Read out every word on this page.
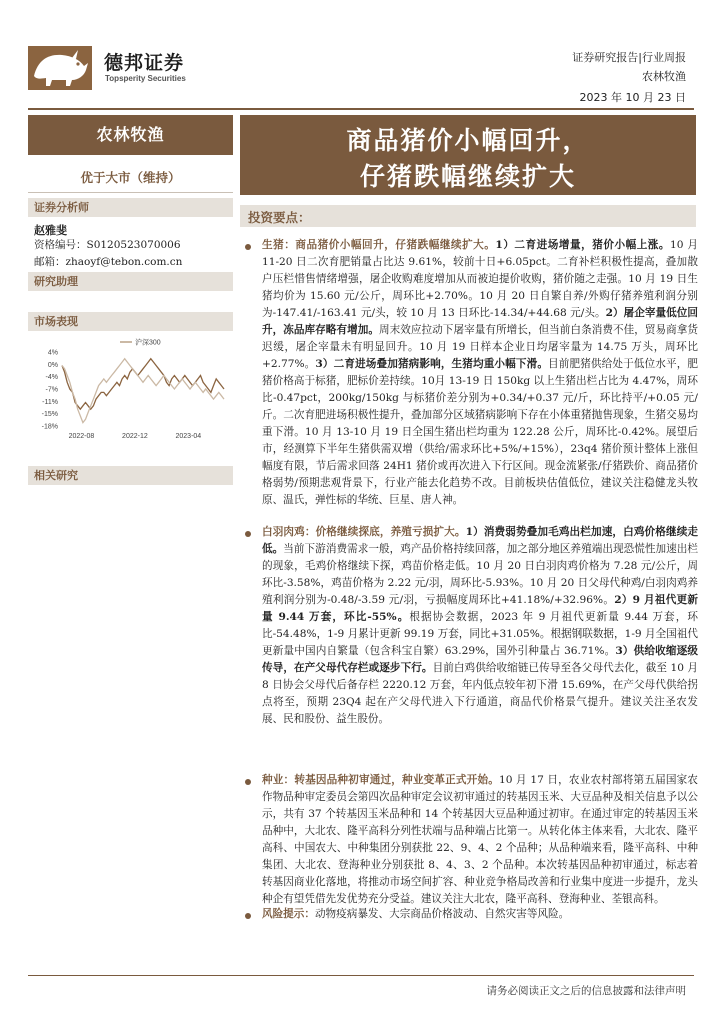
德邦证券
Topsperity Securities
证券研究报告|行业周报
农林牧渔
2023 年 10 月 23 日
农林牧渔	商品猪价小幅回升，
仔猪跌幅继续扩大
优于大市（维持）
证券分析师
赵雅斐
资格编号：S0120523070006
邮箱：zhaoyf@tebon.com.cn
研究助理
市场表现
4%
0%
-4%
-7%
-11%
-15%
-18%
2022-08	2022-12	2023-04
沪深300
相关研究
投资要点：
生猪：商品猪价小幅回升，仔猪跌幅继续扩大。1）二育进场增量，猪价小幅上涨。10 月 11-20 日二次育肥销量占比达 9.61%，较前十日+6.05pct。二育补栏积极性提高，叠加散户压栏惜售情绪增强，屠企收购难度增加从而被迫提价收购，猪价随之走强。10 月 19 日生猪均价为 15.60 元/公斤，周环比+2.70%。10 月 20 日自繁自养/外购仔猪养殖利润分别为-147.41/-163.41 元/头，较 10 月 13 日环比-14.34/+44.68 元/头。2）屠企宰量低位回升，冻品库存略有增加。周末效应拉动下屠宰量有所增长，但当前白条消费不佳，贸易商拿货迟缓，屠企宰量未有明显回升。10 月 19 日样本企业日均屠宰量为 14.75 万头，周环比+2.77%。3）二育进场叠加猪病影响，生猪均重小幅下滑。目前肥猪供给处于低位水平，肥猪价格高于标猪，肥标价差持续。10月 13-19 日 150kg 以上生猪出栏占比为 4.47%，周环比-0.47pct，200kg/150kg 与标猪价差分别为+0.34/+0.37 元/斤，环比持平/+0.05 元/斤。二次育肥进场积极性提升，叠加部分区域猪病影响下存在小体重猪抛售现象，生猪交易均重下滑。10 月 13-10 月 19 日全国生猪出栏均重为 122.28 公斤，周环比-0.42%。展望后市，经测算下半年生猪供需双增（供给/需求环比+5%/+15%），23q4 猪价预计整体上涨但幅度有限，节后需求回落 24H1 猪价或再次进入下行区间。现金流紧张/仔猪跌价、商品猪价格弱势/预期悲观背景下，行业产能去化趋势不改。目前板块估值低位，建议关注稳健龙头牧原、温氏，弹性标的华统、巨星、唐人神。
白羽肉鸡：价格继续探底，养殖亏损扩大。1）消费弱势叠加毛鸡出栏加速，白鸡价格继续走低。当前下游消费需求一般，鸡产品价格持续回落，加之部分地区养殖端出现恐慌性加速出栏的现象，毛鸡价格继续下探，鸡苗价格走低。10 月 20 日白羽肉鸡价格为 7.28 元/公斤，周环比-3.58%，鸡苗价格为 2.22 元/羽，周环比-5.93%。10 月 20 日父母代种鸡/白羽肉鸡养殖利润分别为-0.48/-3.59 元/羽，亏损幅度周环比+41.18%/+32.96%。2）9 月祖代更新量 9.44 万套，环比-55%。根据协会数据，2023 年 9 月祖代更新量 9.44 万套，环比-54.48%，1-9 月累计更新 99.19 万套，同比+31.05%。根据钢联数据，1-9 月全国祖代更新量中国内自繁量（包含科宝自繁）63.29%，国外引种量占 36.71%。3）供给收缩逐级传导，在产父母代存栏或逐步下行。目前白鸡供给收缩链已传导至各父母代去化，截至 10 月 8 日协会父母代后备存栏 2220.12 万套，年内低点较年初下滑 15.69%，在产父母代供给拐点将至，预期 23Q4 起在产父母代进入下行通道，商品代价格景气提升。建议关注圣农发展、民和股份、益生股份。
种业：转基因品种初审通过，种业变革正式开始。10 月 17 日，农业农村部将第五届国家农作物品种审定委员会第四次品种审定会议初审通过的转基因玉米、大豆品种及相关信息予以公示，共有 37 个转基因玉米品种和 14 个转基因大豆品种通过初审。在通过审定的转基因玉米品种中，大北农、隆平高科分列性状端与品种端占比第一。从转化体主体来看，大北农、隆平高科、中国农大、中种集团分别获批 22、9、4、2 个品种；从品种端来看，隆平高科、中种集团、大北农、登海种业分别获批 8、4、3、2 个品种。本次转基因品种初审通过，标志着转基因商业化落地，将推动市场空间扩容、种业竞争格局改善和行业集中度进一步提升，龙头种企有望凭借先发优势充分受益。建议关注大北农，隆平高科、登海种业、荃银高科。
风险提示：动物疫病暴发、大宗商品价格波动、自然灾害等风险。
请务必阅读正文之后的信息披露和法律声明
